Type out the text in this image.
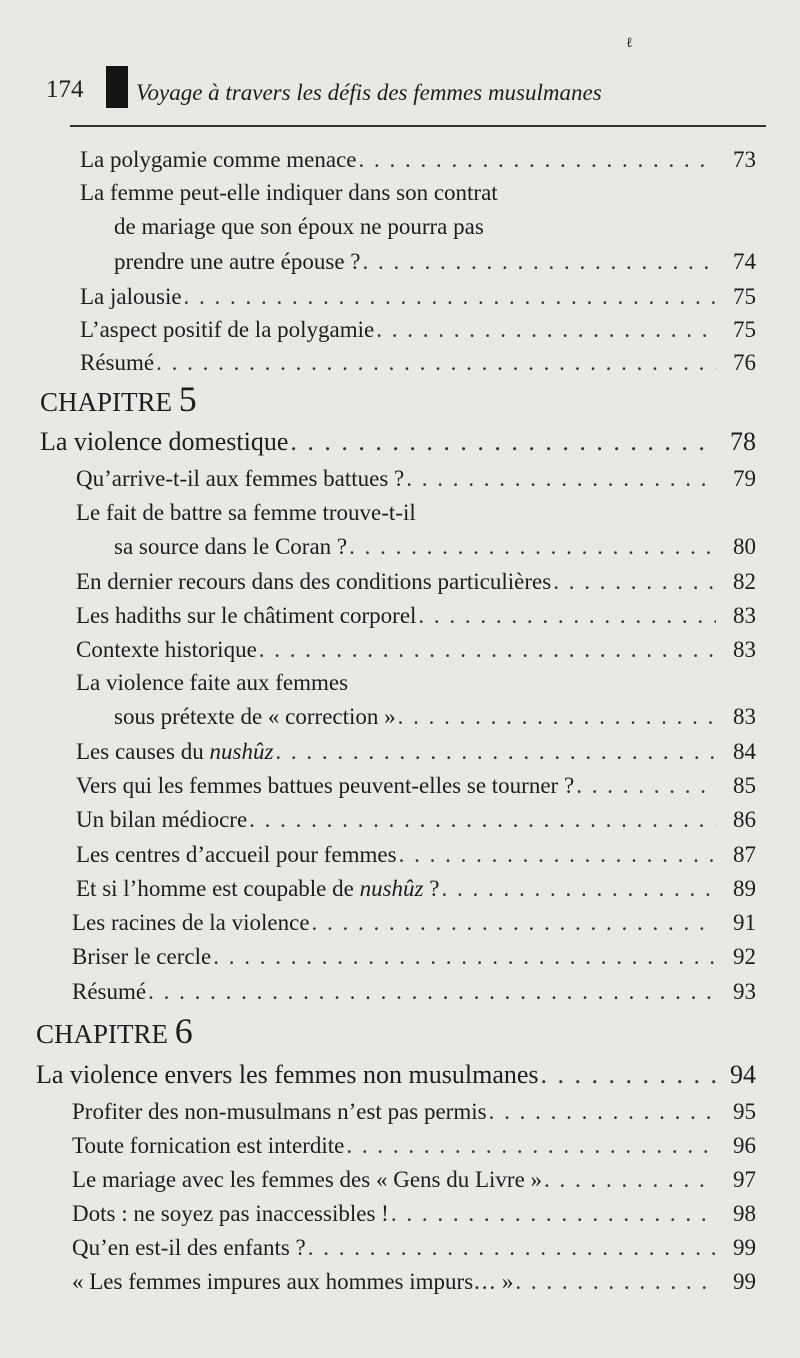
ℓ
174 Voyage à travers les défis des femmes musulmanes
La polygamie comme menace . . .	73
La femme peut-elle indiquer dans son contrat
de mariage que son époux ne pourra pas
prendre une autre épouse ? . . .	74
La jalousie . . .	75
L’aspect positif de la polygamie . . .	75
Résumé . . .	76
CHAPITRE 5
La violence domestique . . .	78
Qu’arrive-t-il aux femmes battues ? . . .	79
Le fait de battre sa femme trouve-t-il
sa source dans le Coran ? . . .	80
En dernier recours dans des conditions particulières . . .	82
Les hadiths sur le châtiment corporel . . .	83
Contexte historique . . .	83
La violence faite aux femmes
sous prétexte de « correction » . . .	83
Les causes du nushûz . . .	84
Vers qui les femmes battues peuvent-elles se tourner ? . . .	85
Un bilan médiocre . . .	86
Les centres d’accueil pour femmes . . .	87
Et si l’homme est coupable de nushûz ? . . .	89
Les racines de la violence . . .	91
Briser le cercle . . .	92
Résumé . . .	93
CHAPITRE 6
La violence envers les femmes non musulmanes . . .	94
Profiter des non-musulmans n’est pas permis . . .	95
Toute fornication est interdite . . .	96
Le mariage avec les femmes des « Gens du Livre » . . .	97
Dots : ne soyez pas inaccessibles ! . . .	98
Qu’en est-il des enfants ? . . .	99
« Les femmes impures aux hommes impurs… » . . .	99
